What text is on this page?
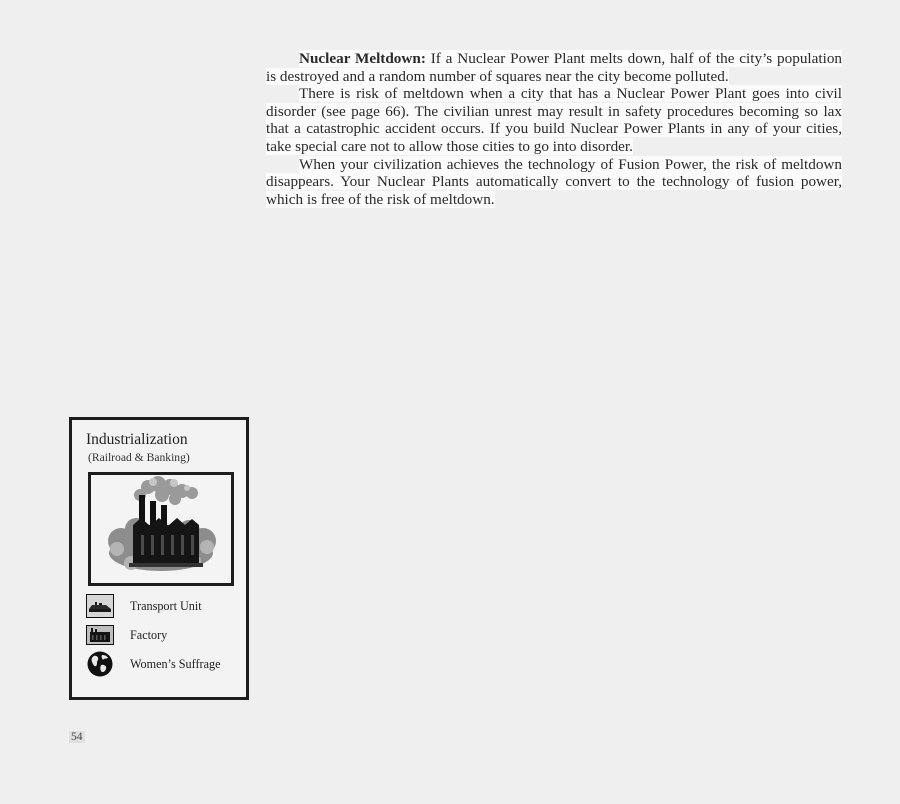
Nuclear Meltdown: If a Nuclear Power Plant melts down, half of the city’s population is destroyed and a random number of squares near the city become polluted.

There is risk of meltdown when a city that has a Nuclear Power Plant goes into civil disorder (see page 66). The civilian unrest may result in safety procedures becoming so lax that a catastrophic accident occurs. If you build Nuclear Power Plants in any of your cities, take special care not to allow those cities to go into disorder.

When your civilization achieves the technology of Fusion Power, the risk of meltdown disappears. Your Nuclear Plants automatically convert to the technology of fusion power, which is free of the risk of meltdown.

Industrialization
(Railroad & Banking)
Transport Unit
Factory
Women’s Suffrage
54
